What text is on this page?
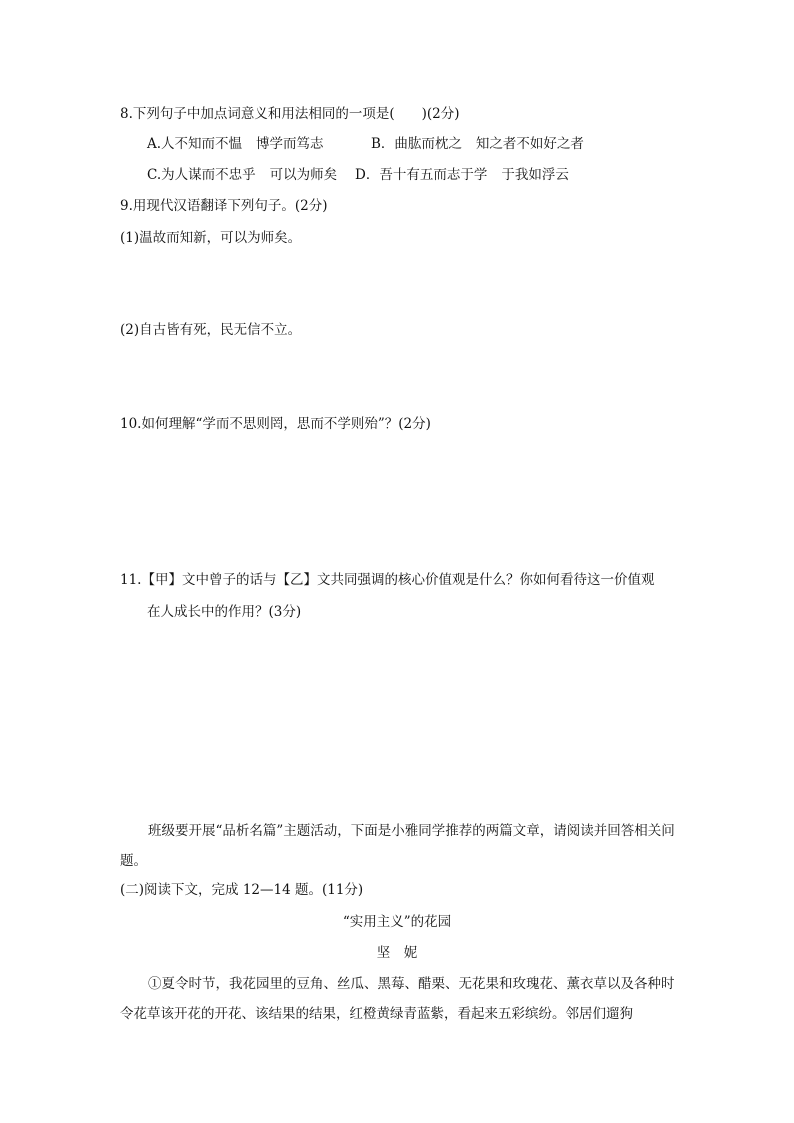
8.下列句子中加点词意义和用法相同的一项是(　　)(2分)
A.人不知而不愠 博学而笃志	B．曲肱而枕之 知之者不如好之者
C.为人谋而不忠乎 可以为师矣 D．吾十有五而志于学 于我如浮云
9.用现代汉语翻译下列句子。(2分)
(1)温故而知新，可以为师矣。
(2)自古皆有死，民无信不立。
10.如何理解“学而不思则罔，思而不学则殆”？(2分)
11.【甲】文中曾子的话与【乙】文共同强调的核心价值观是什么？你如何看待这一价值观
在人成长中的作用？(3分)
班级要开展“品析名篇”主题活动，下面是小雅同学推荐的两篇文章，请阅读并回答相关问题。
(二)阅读下文，完成 12—14 题。(11分)
“实用主义”的花园
坚　妮
①夏令时节，我花园里的豆角、丝瓜、黑莓、醋栗、无花果和玫瑰花、薰衣草以及各种时令花草该开花的开花、该结果的结果，红橙黄绿青蓝紫，看起来五彩缤纷。邻居们遛狗
